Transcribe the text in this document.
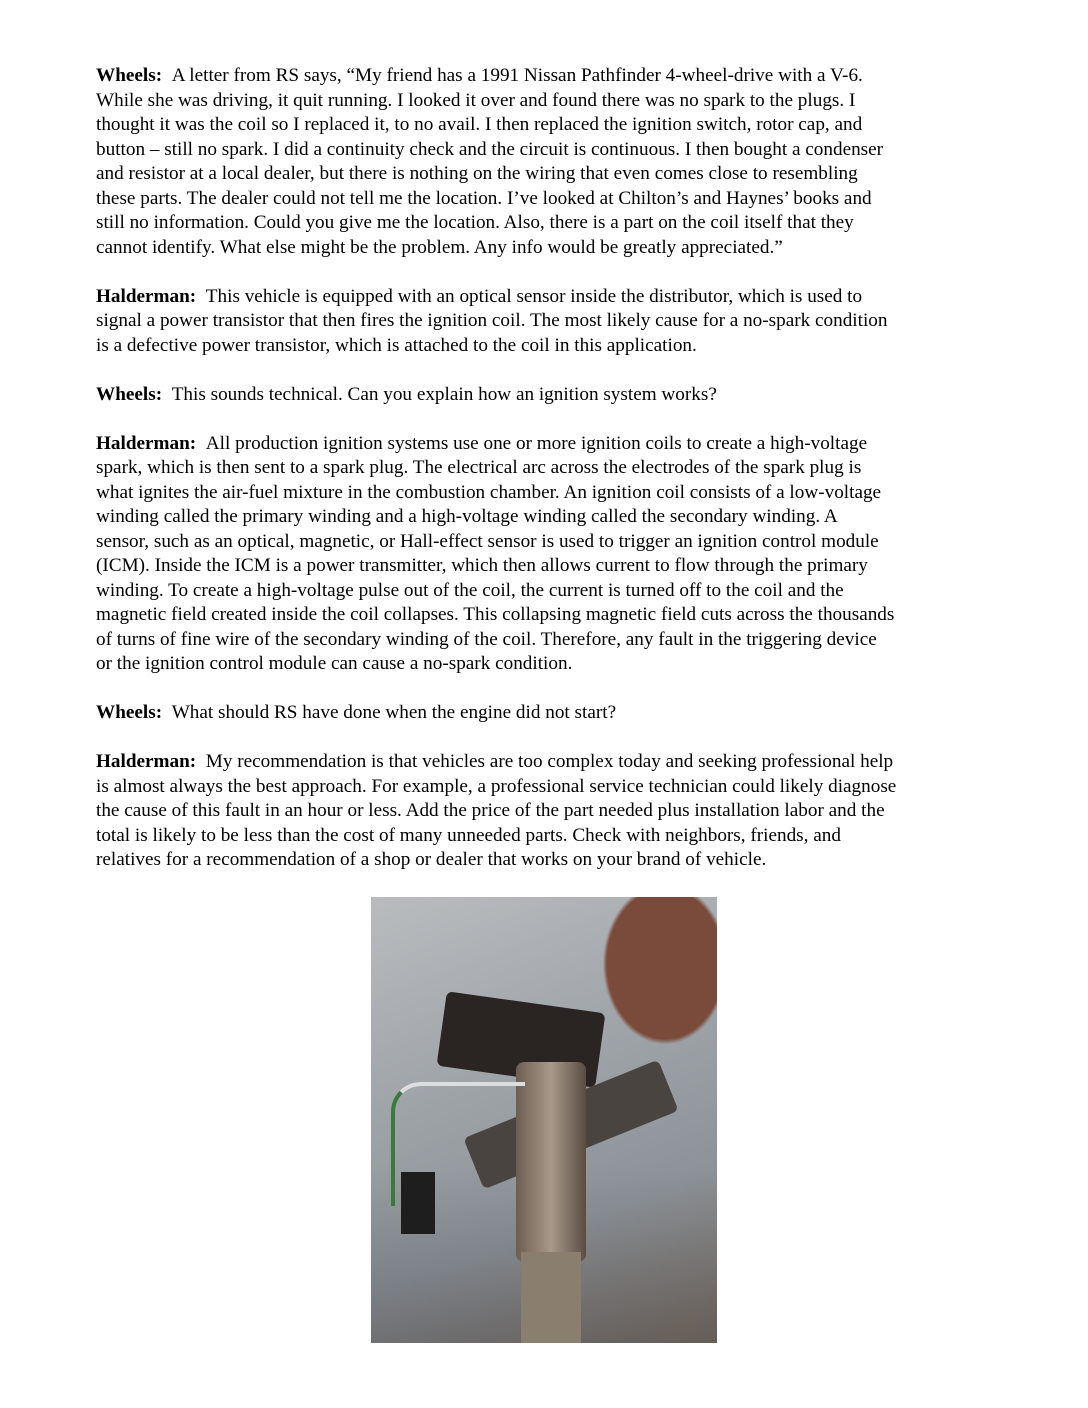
Wheels: A letter from RS says, “My friend has a 1991 Nissan Pathfinder 4-wheel-drive with a V-6.
While she was driving, it quit running. I looked it over and found there was no spark to the plugs. I
thought it was the coil so I replaced it, to no avail. I then replaced the ignition switch, rotor cap, and
button – still no spark. I did a continuity check and the circuit is continuous. I then bought a condenser
and resistor at a local dealer, but there is nothing on the wiring that even comes close to resembling
these parts. The dealer could not tell me the location. I’ve looked at Chilton’s and Haynes’ books and
still no information. Could you give me the location. Also, there is a part on the coil itself that they
cannot identify. What else might be the problem. Any info would be greatly appreciated.”

Halderman: This vehicle is equipped with an optical sensor inside the distributor, which is used to
signal a power transistor that then fires the ignition coil. The most likely cause for a no-spark condition
is a defective power transistor, which is attached to the coil in this application.

Wheels: This sounds technical. Can you explain how an ignition system works?

Halderman: All production ignition systems use one or more ignition coils to create a high-voltage
spark, which is then sent to a spark plug. The electrical arc across the electrodes of the spark plug is
what ignites the air-fuel mixture in the combustion chamber. An ignition coil consists of a low-voltage
winding called the primary winding and a high-voltage winding called the secondary winding. A
sensor, such as an optical, magnetic, or Hall-effect sensor is used to trigger an ignition control module
(ICM). Inside the ICM is a power transmitter, which then allows current to flow through the primary
winding. To create a high-voltage pulse out of the coil, the current is turned off to the coil and the
magnetic field created inside the coil collapses. This collapsing magnetic field cuts across the thousands
of turns of fine wire of the secondary winding of the coil. Therefore, any fault in the triggering device
or the ignition control module can cause a no-spark condition.

Wheels: What should RS have done when the engine did not start?

Halderman: My recommendation is that vehicles are too complex today and seeking professional help
is almost always the best approach. For example, a professional service technician could likely diagnose
the cause of this fault in an hour or less. Add the price of the part needed plus installation labor and the
total is likely to be less than the cost of many unneeded parts. Check with neighbors, friends, and
relatives for a recommendation of a shop or dealer that works on your brand of vehicle.
